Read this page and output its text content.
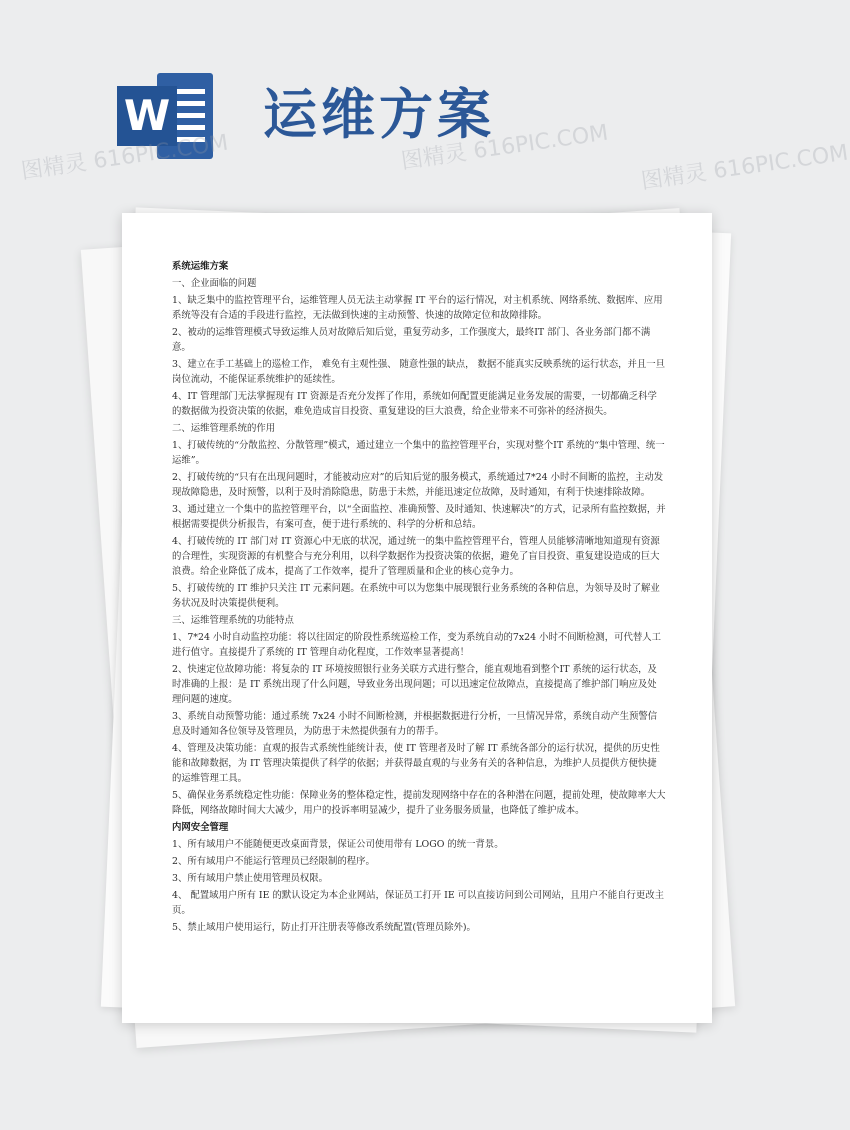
W 运维方案
图精灵 616PIC.COM	图精灵 616PIC.COM 图精灵 616PIC.COM

系统运维方案

一、企业面临的问题

1、缺乏集中的监控管理平台，运维管理人员无法主动掌握 IT 平台的运行情况，对主机系统、网络系统、数据库、应用系统等没有合适的手段进行监控，无法做到快速的主动预警、快速的故障定位和故障排除。

2、被动的运维管理模式导致运维人员对故障后知后觉，重复劳动多，工作强度大，最终IT 部门、各业务部门都不满意。

3、建立在手工基础上的巡检工作， 难免有主观性强、 随意性强的缺点， 数据不能真实反映系统的运行状态，并且一旦岗位流动，不能保证系统维护的延续性。

4、IT 管理部门无法掌握现有 IT 资源是否充分发挥了作用，系统如何配置更能满足业务发展的需要，一切都确乏科学的数据做为投资决策的依据，难免造成盲目投资、重复建设的巨大浪费，给企业带来不可弥补的经济损失。

二、运维管理系统的作用

1、打破传统的“分散监控、分散管理”模式，通过建立一个集中的监控管理平台，实现对整个IT 系统的“集中管理、统一运维”。

2、打破传统的“只有在出现问题时，才能被动应对”的后知后觉的服务模式，系统通过7*24 小时不间断的监控，主动发现故障隐患，及时预警，以利于及时消除隐患，防患于未然，并能迅速定位故障，及时通知，有利于快速排除故障。

3、通过建立一个集中的监控管理平台，以“全面监控、准确预警、及时通知、快速解决”的方式，记录所有监控数据，并根据需要提供分析报告，有案可查，便于进行系统的、科学的分析和总结。

4、打破传统的 IT 部门对 IT 资源心中无底的状况，通过统一的集中监控管理平台，管理人员能够清晰地知道现有资源的合理性，实现资源的有机整合与充分利用，以科学数据作为投资决策的依据，避免了盲目投资、重复建设造成的巨大浪费。给企业降低了成本，提高了工作效率，提升了管理质量和企业的核心竞争力。

5、打破传统的 IT 维护只关注 IT 元素问题。在系统中可以为您集中展现银行业务系统的各种信息，为领导及时了解业务状况及时决策提供便利。

三、运维管理系统的功能特点

1、7*24 小时自动监控功能：将以往固定的阶段性系统巡检工作，变为系统自动的7x24 小时不间断检测，可代替人工进行值守。直接提升了系统的 IT 管理自动化程度，工作效率显著提高！

2、快速定位故障功能：将复杂的 IT 环境按照银行业务关联方式进行整合，能直观地看到整个IT 系统的运行状态，及时准确的上报：是 IT 系统出现了什么问题，导致业务出现问题；可以迅速定位故障点，直接提高了维护部门响应及处理问题的速度。

3、系统自动预警功能：通过系统 7x24 小时不间断检测，并根据数据进行分析，一旦情况异常，系统自动产生预警信息及时通知各位领导及管理员，为防患于未然提供强有力的帮手。

4、管理及决策功能：直观的报告式系统性能统计表，使 IT 管理者及时了解 IT 系统各部分的运行状况，提供的历史性能和故障数据，为 IT 管理决策提供了科学的依据；并获得最直观的与业务有关的各种信息，为维护人员提供方便快捷的运维管理工具。

5、确保业务系统稳定性功能：保障业务的整体稳定性，提前发现网络中存在的各种潜在问题，提前处理，使故障率大大降低，网络故障时间大大减少，用户的投诉率明显减少，提升了业务服务质量，也降低了维护成本。

内网安全管理

1、所有域用户不能随便更改桌面背景，保证公司使用带有 LOGO 的统一背景。

2、所有域用户不能运行管理员已经限制的程序。

3、所有域用户禁止使用管理员权限。

4、 配置域用户所有 IE 的默认设定为本企业网站，保证员工打开 IE 可以直接访问到公司网站，且用户不能自行更改主页。

5、禁止域用户使用运行，防止打开注册表等修改系统配置(管理员除外)。
